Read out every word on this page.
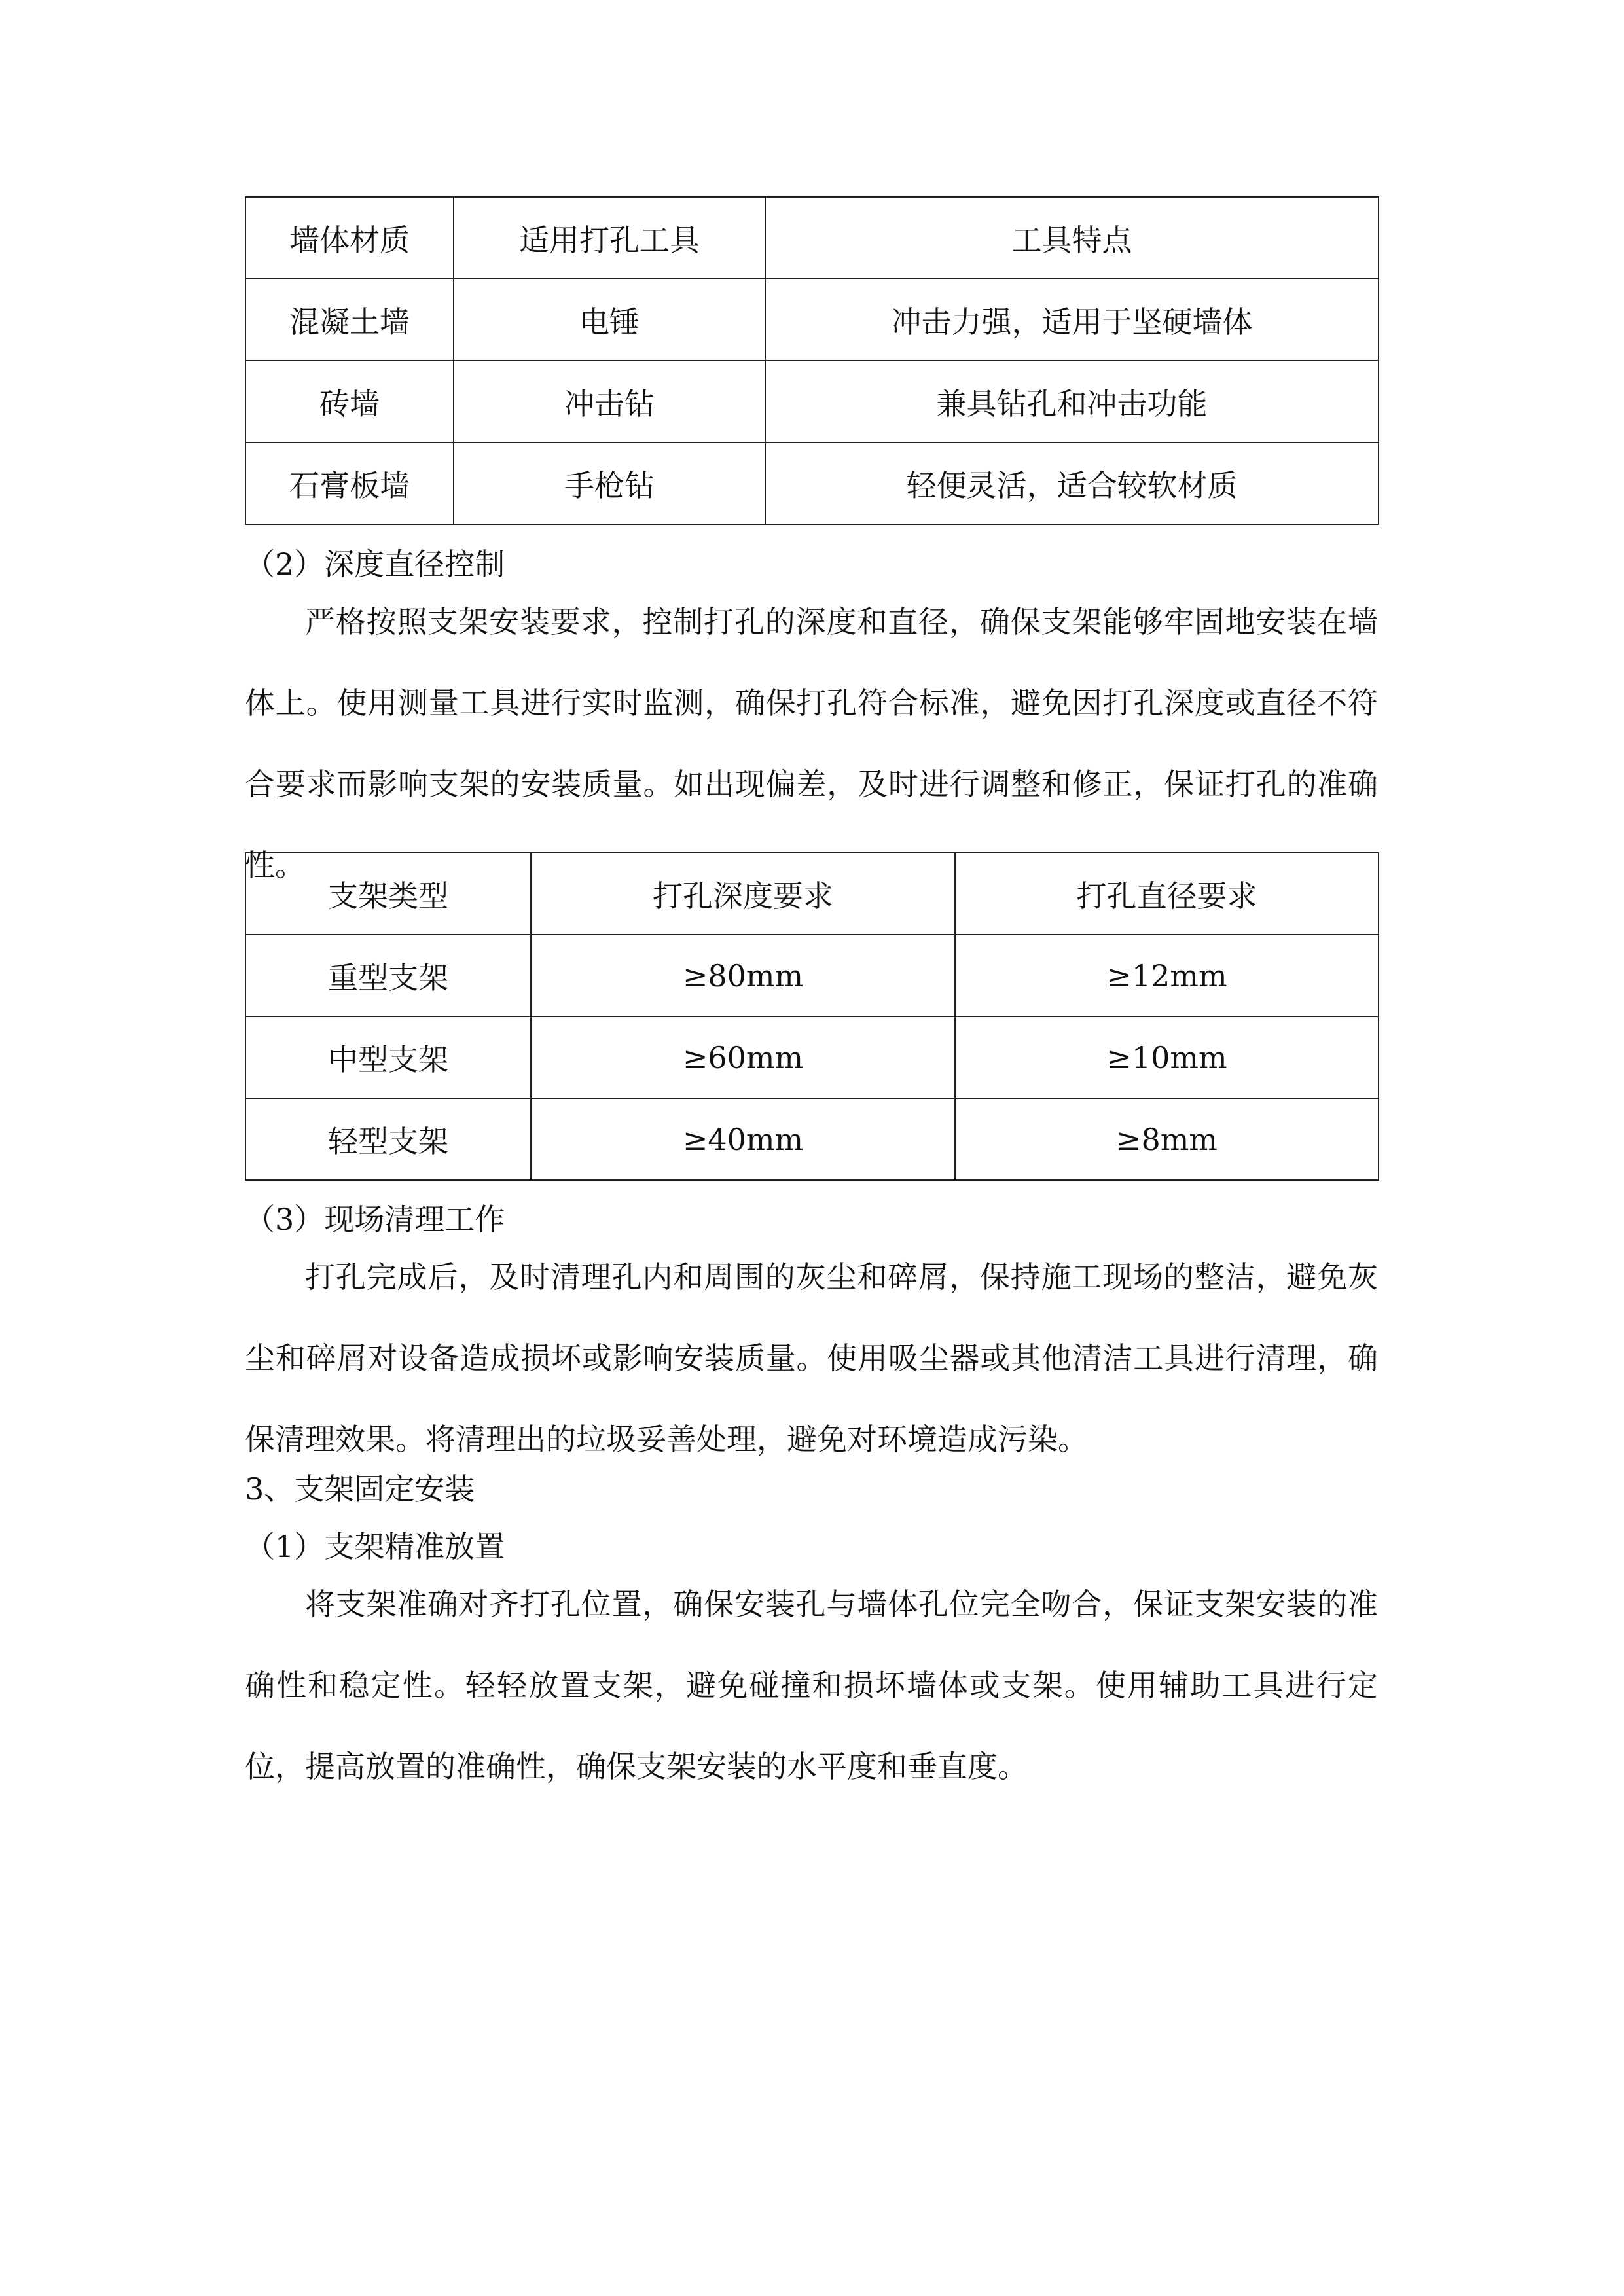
墙体材质	适用打孔工具	工具特点
混凝土墙	电锤	冲击力强，适用于坚硬墙体
砖墙	冲击钻	兼具钻孔和冲击功能
石膏板墙	手枪钻	轻便灵活，适合较软材质
（2）深度直径控制

严格按照支架安装要求，控制打孔的深度和直径，确保支架能够牢固地安装在墙体上。使用测量工具进行实时监测，确保打孔符合标准，避免因打孔深度或直径不符合要求而影响支架的安装质量。如出现偏差，及时进行调整和修正，保证打孔的准确性。

支架类型	打孔深度要求	打孔直径要求
重型支架	≥80mm	≥12mm
中型支架	≥60mm	≥10mm
轻型支架	≥40mm	≥8mm
（3）现场清理工作

打孔完成后，及时清理孔内和周围的灰尘和碎屑，保持施工现场的整洁，避免灰尘和碎屑对设备造成损坏或影响安装质量。使用吸尘器或其他清洁工具进行清理，确保清理效果。将清理出的垃圾妥善处理，避免对环境造成污染。

3、支架固定安装
（1）支架精准放置

将支架准确对齐打孔位置，确保安装孔与墙体孔位完全吻合，保证支架安装的准确性和稳定性。轻轻放置支架，避免碰撞和损坏墙体或支架。使用辅助工具进行定位，提高放置的准确性，确保支架安装的水平度和垂直度。
